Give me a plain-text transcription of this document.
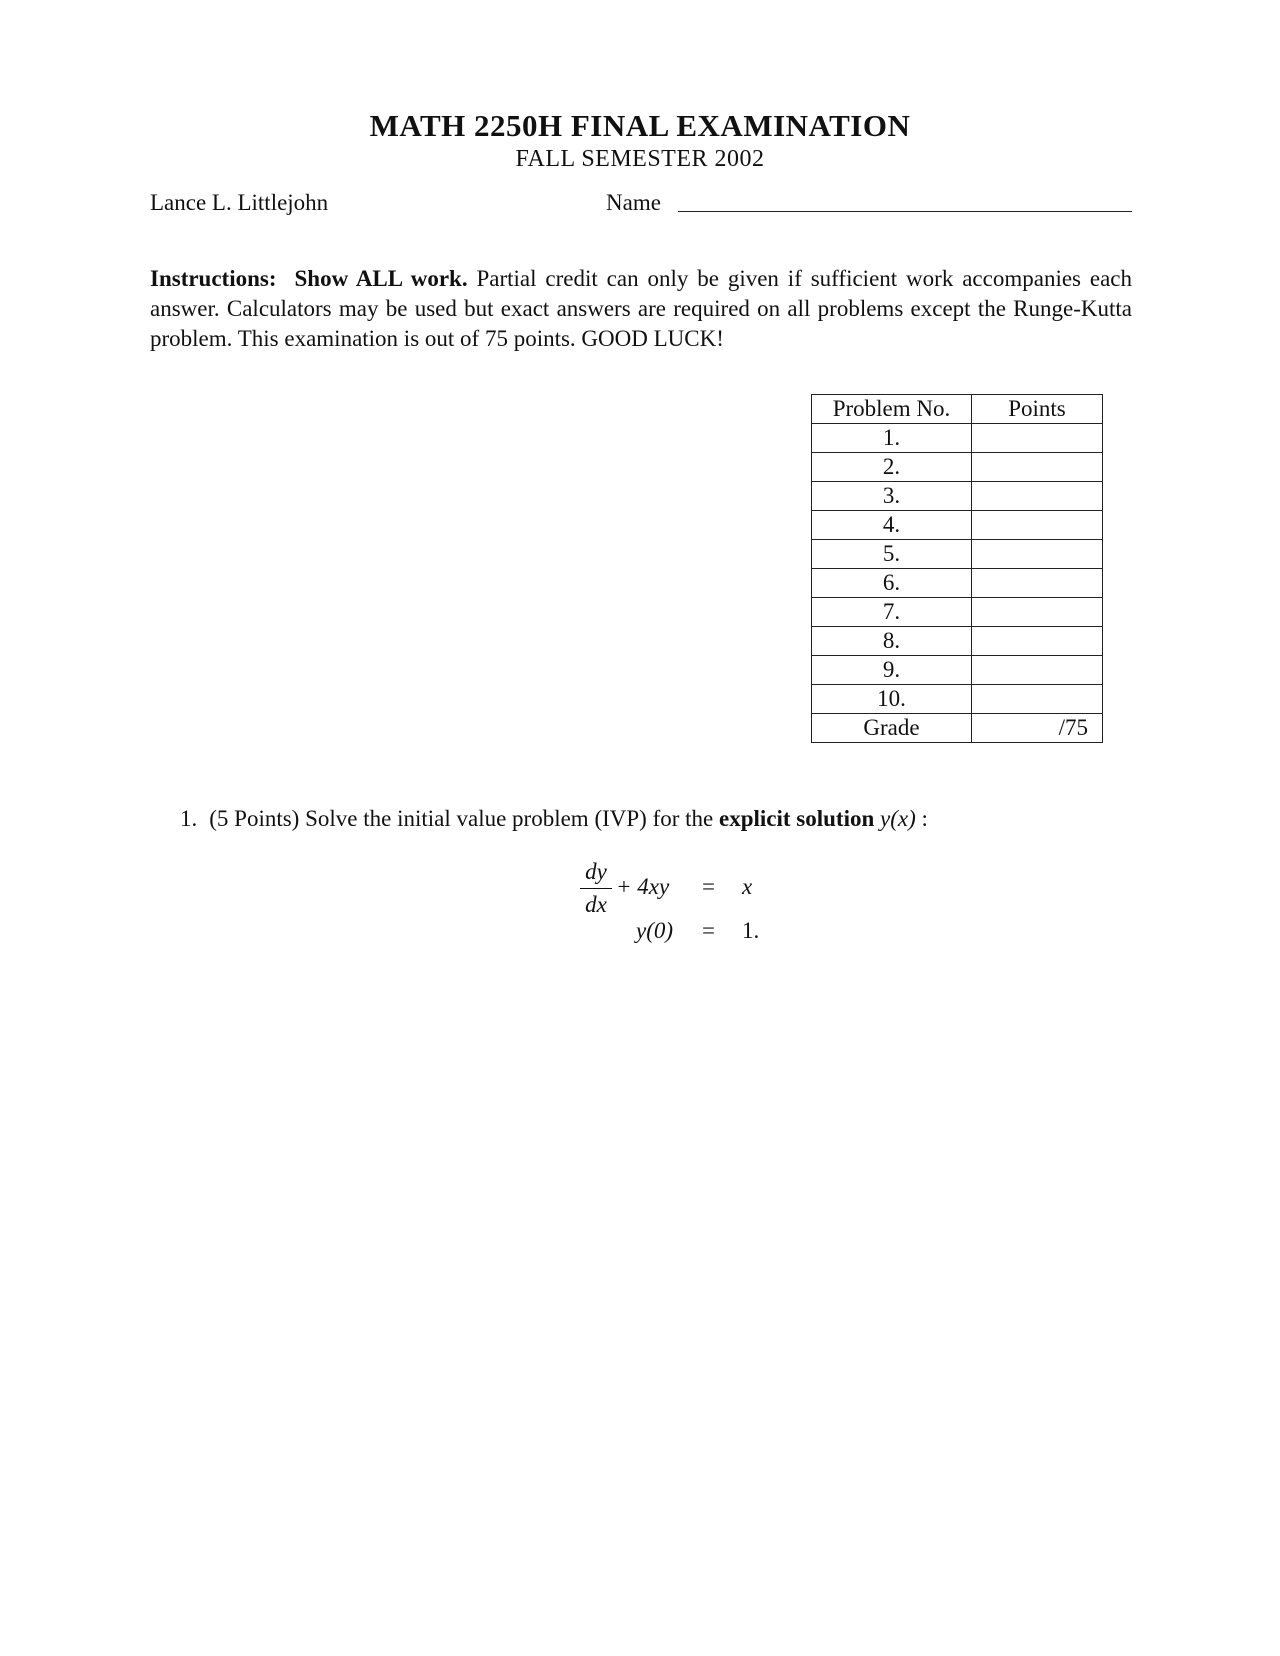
MATH 2250H FINAL EXAMINATION
FALL SEMESTER 2002
Lance L. Littlejohn	Name
Instructions: Show ALL work. Partial credit can only be given if sufficient work accompanies each answer. Calculators may be used but exact answers are required on all problems except the Runge-Kutta problem. This examination is out of 75 points. GOOD LUCK!
Problem No.	Points
1.	
2.	
3.	
4.	
5.	
6.	
7.	
8.	
9.	
10.	
Grade	/75
1. (5 Points) Solve the initial value problem (IVP) for the explicit solution y(x) :
dy
dx
+ 4xy = x
y(0) = 1.
